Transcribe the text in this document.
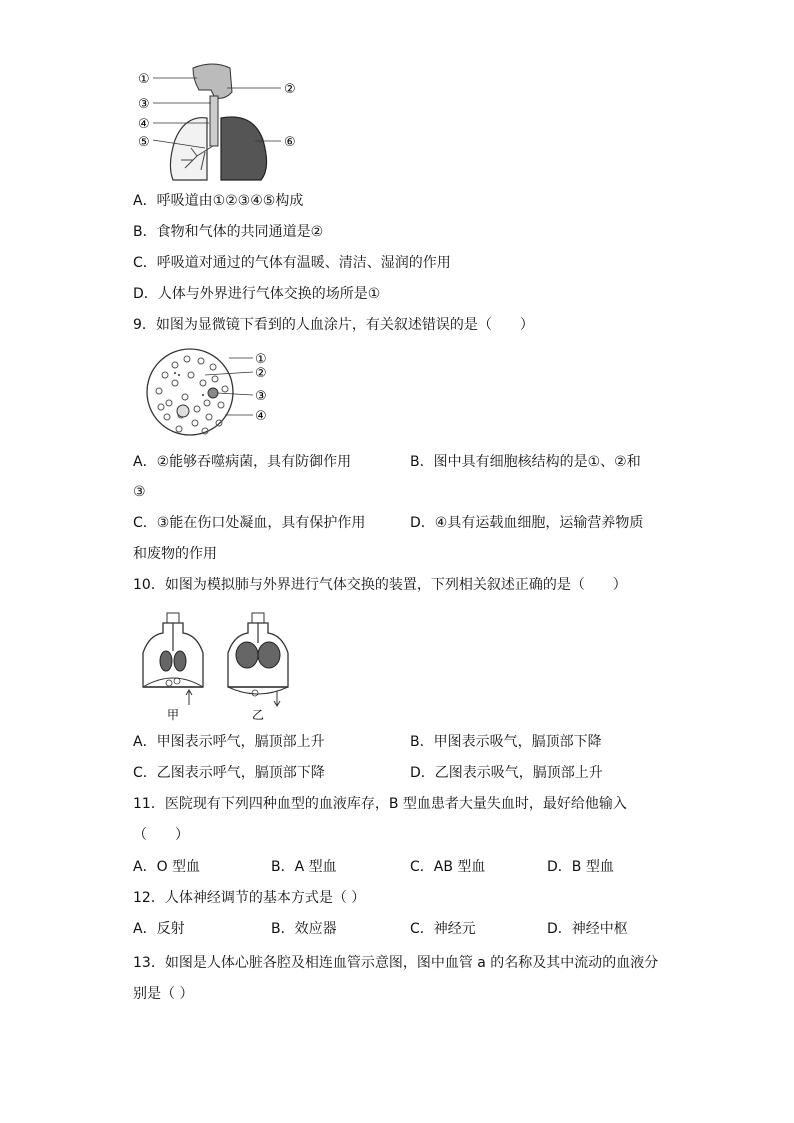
①
②
③
④
⑤	⑥
A．呼吸道由①②③④⑤构成
B．食物和气体的共同通道是②
C．呼吸道对通过的气体有温暖、清洁、湿润的作用
D．人体与外界进行气体交换的场所是①
9．如图为显微镜下看到的人血涂片，有关叙述错误的是（　　）
①
②
③
④
A．②能够吞噬病菌，具有防御作用	B．图中具有细胞核结构的是①、②和
③
C．③能在伤口处凝血，具有保护作用	D．④具有运载血细胞，运输营养物质
和废物的作用
10．如图为模拟肺与外界进行气体交换的装置，下列相关叙述正确的是（　　）
甲	乙
A．甲图表示呼气，膈顶部上升	B．甲图表示吸气，膈顶部下降
C．乙图表示呼气，膈顶部下降	D．乙图表示吸气，膈顶部上升
11．医院现有下列四种血型的血液库存，B 型血患者大量失血时，最好给他输入
（　　）
A．O 型血	B．A 型血	C．AB 型血	D．B 型血
12．人体神经调节的基本方式是（ ）
A．反射	B．效应器	C．神经元	D．神经中枢
13．如图是人体心脏各腔及相连血管示意图，图中血管 a 的名称及其中流动的血液分
别是（ ）
